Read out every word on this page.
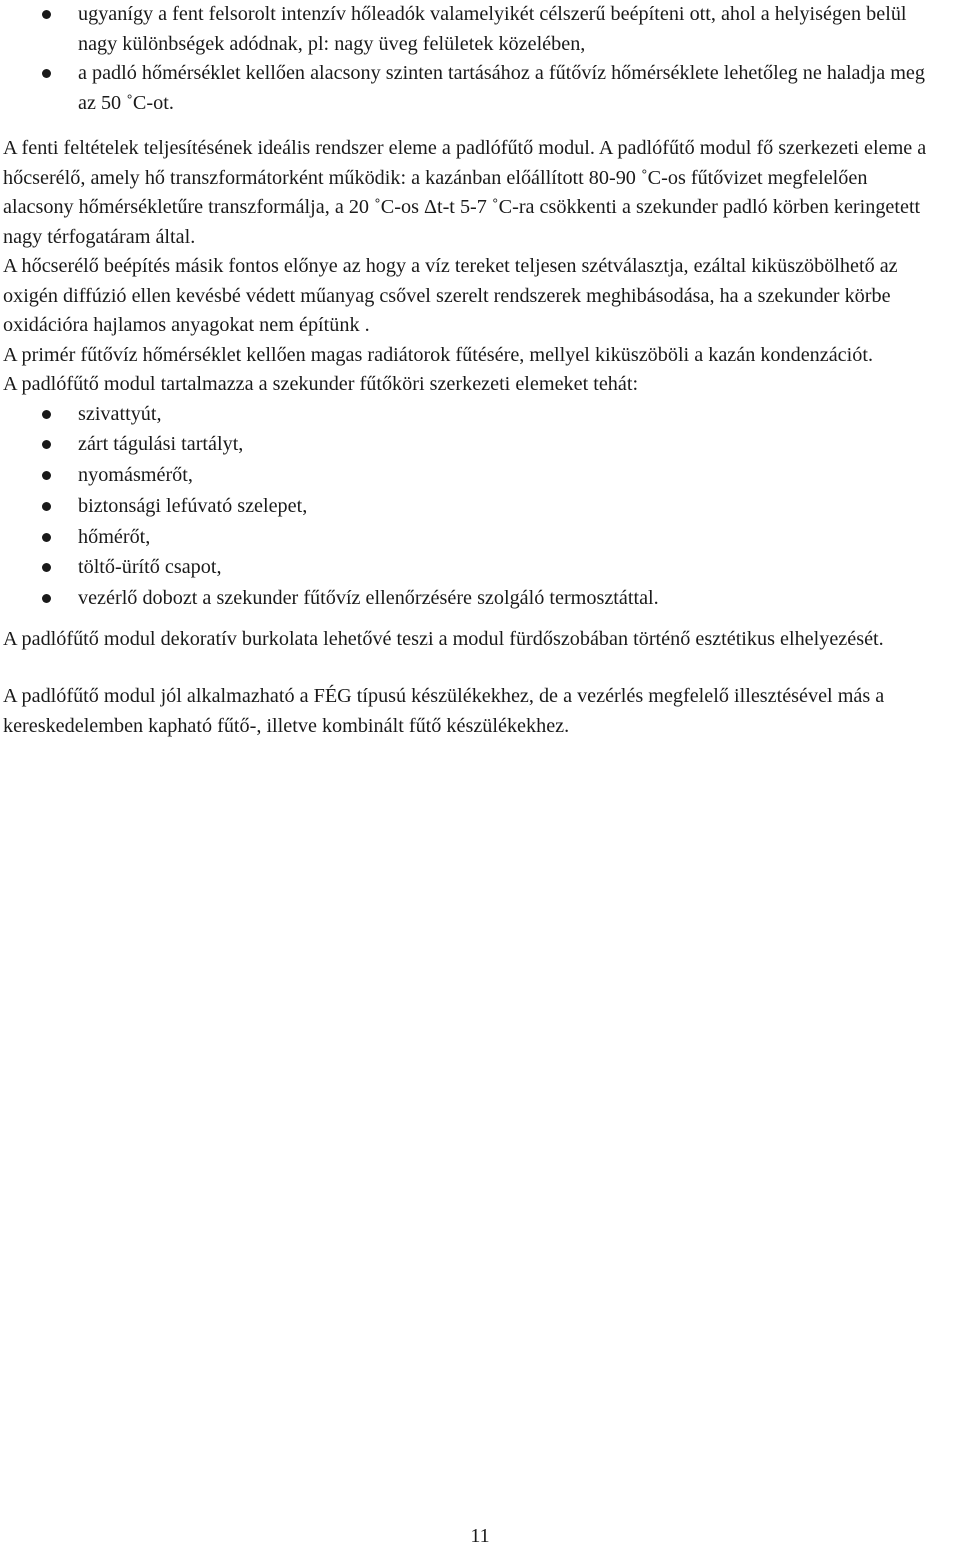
ugyanígy a fent felsorolt intenzív hőleadók valamelyikét célszerű beépíteni ott, ahol a helyiségen belül nagy különbségek adódnak, pl: nagy üveg felületek közelében,
a padló hőmérséklet kellően alacsony szinten tartásához a fűtővíz hőmérséklete lehetőleg ne haladja meg az 50 ˚C-ot.

A fenti feltételek teljesítésének ideális rendszer eleme a padlófűtő modul. A padlófűtő modul fő szerkezeti eleme a hőcserélő, amely hő transzformátorként működik: a kazánban előállított 80-90 ˚C-os fűtővizet megfelelően alacsony hőmérsékletűre transzformálja, a 20 ˚C-os Δt-t 5-7 ˚C-ra csökkenti a szekunder padló körben keringetett nagy térfogatáram által.

A hőcserélő beépítés másik fontos előnye az hogy a víz tereket teljesen szétválasztja, ezáltal kiküszöbölhető az oxigén diffúzió ellen kevésbé védett műanyag csővel szerelt rendszerek meghibásodása, ha a szekunder körbe oxidációra hajlamos anyagokat nem építünk .

A primér fűtővíz hőmérséklet kellően magas radiátorok fűtésére, mellyel kiküszöböli a kazán kondenzációt.

A padlófűtő modul tartalmazza a szekunder fűtőköri szerkezeti elemeket tehát:

szivattyút,
zárt tágulási tartályt,
nyomásmérőt,
biztonsági lefúvató szelepet,
hőmérőt,
töltő-ürítő csapot,
vezérlő dobozt a szekunder fűtővíz ellenőrzésére szolgáló termosztáttal.

A padlófűtő modul dekoratív burkolata lehetővé teszi a modul fürdőszobában történő esztétikus elhelyezését.

A padlófűtő modul jól alkalmazható a FÉG típusú készülékekhez, de a vezérlés megfelelő illesztésével más a kereskedelemben kapható fűtő-, illetve kombinált fűtő készülékekhez.

11
